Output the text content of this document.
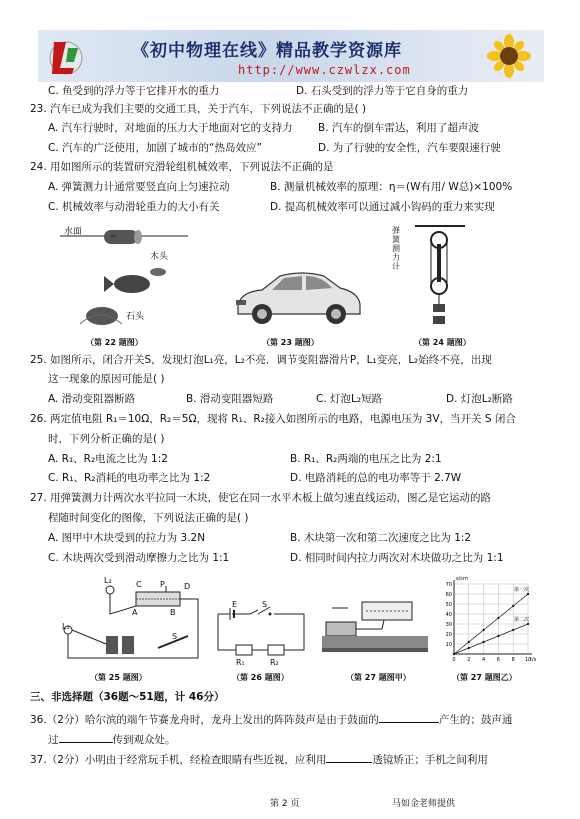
《初中物理在线》精品教学资源库
http://www.czwlzx.com
C. 鱼受到的浮力等于它排开水的重力	D. 石头受到的浮力等于它自身的重力
23. 汽车已成为我们主要的交通工具，关于汽车，下列说法不正确的是( )
A. 汽车行驶时，对地面的压力大于地面对它的支持力 B. 汽车的倒车雷达，利用了超声波
C. 汽车的广泛使用，加剧了城市的“热岛效应”	D. 为了行驶的安全性，汽车要限速行驶
24. 用如图所示的装置研究滑轮组机械效率，下列说法不正确的是
A. 弹簧测力计通常要竖直向上匀速拉动	B. 测量机械效率的原理：η＝(W有用/ W总)×100%
C. 机械效率与动滑轮重力的大小有关	D. 提高机械效率可以通过减小钩码的重力来实现
水面
木头
石头
（第 22 题图）	（第 23 题图）
弹簧测力计
（第 24 题图）
25. 如图所示，闭合开关S，发现灯泡L₁亮，L₂不亮．调节变阻器滑片P，L₁变亮，L₂始终不亮，出现
这一现象的原因可能是( )
A. 滑动变阻器断路	B. 滑动变阻器短路	C. 灯泡L₂短路	D. 灯泡L₂断路
26. 两定值电阻 R₁＝10Ω，R₂＝5Ω，现将 R₁、R₂接入如图所示的电路，电源电压为 3V，当开关 S 闭合
时，下列分析正确的是( )
A. R₁、R₂电流之比为 1:2	B. R₁、R₂两端的电压之比为 2:1
C. R₁、R₂消耗的电功率之比为 1:2	D. 电路消耗的总的电功率等于 2.7W
27. 用弹簧测力计两次水平拉同一木块，使它在同一水平木板上做匀速直线运动，图乙是它运动的路
程随时间变化的图像，下列说法正确的是( )
A. 图甲中木块受到的拉力为 3.2N	B. 木块第一次和第二次速度之比为 1:2
C. 木块两次受到滑动摩擦力之比为 1:1	D. 相同时间内拉力两次对木块做功之比为 1:1
L₂	C P D
L₁
A	B
S
（第 25 题图）
E	S
R₁	R₂
（第 26 题图）	（第 27 题图甲）
0 2 4 6 8 10
10
20
30
40
50
60
70
s/cm
t/s
第一次
第二次
（第 27 题图乙）
三、非选择题（36题～51题，计 46分）
36.（2分）哈尔滨的端午节赛龙舟时，龙舟上发出的阵阵鼓声是由于鼓面的	产生的；鼓声通
过	传到观众处。
37.（2分）小明由于经常玩手机，经检查眼睛有些近视，应利用	透镜矫正；手机之间利用
第 2 页	马如金老师提供
